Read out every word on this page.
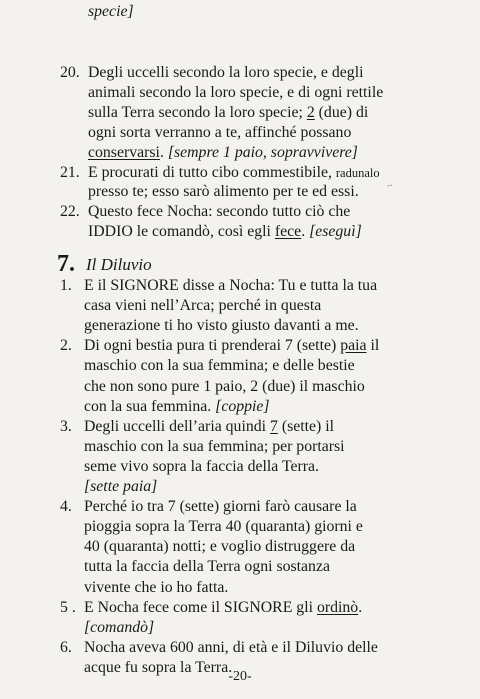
specie]
20. Degli uccelli secondo la loro specie, e degli
animali secondo la loro specie, e di ogni rettile
sulla Terra secondo la loro specie; 2 (due) di
ogni sorta verranno a te, affinché possano
conservarsi. [sempre 1 paio, sopravvivere]
21. E procurati di tutto cibo commestibile, radunalo
presso te; esso sarò alimento per te ed essi.
22. Questo fece Nocha: secondo tutto ciò che
IDDIO le comandò, così egli fece. [eseguì]
7. Il Diluvio
1. E il SIGNORE disse a Nocha: Tu e tutta la tua
casa vieni nell’Arca; perché in questa
generazione ti ho visto giusto davanti a me.
2. Di ogni bestia pura ti prenderai 7 (sette) paia il
maschio con la sua femmina; e delle bestie
che non sono pure 1 paio, 2 (due) il maschio
con la sua femmina. [coppie]
3. Degli uccelli dell’aria quindi 7 (sette) il
maschio con la sua femmina; per portarsi
seme vivo sopra la faccia della Terra.
[sette paia]
4. Perché io tra 7 (sette) giorni farò causare la
pioggia sopra la Terra 40 (quaranta) giorni e
40 (quaranta) notti; e voglio distruggere da
tutta la faccia della Terra ogni sostanza
vivente che io ho fatta.
5 . E Nocha fece come il SIGNORE gli ordinò.
[comandò]
6. Nocha aveva 600 anni, di età e il Diluvio delle
acque fu sopra la Terra.
~
-20-
